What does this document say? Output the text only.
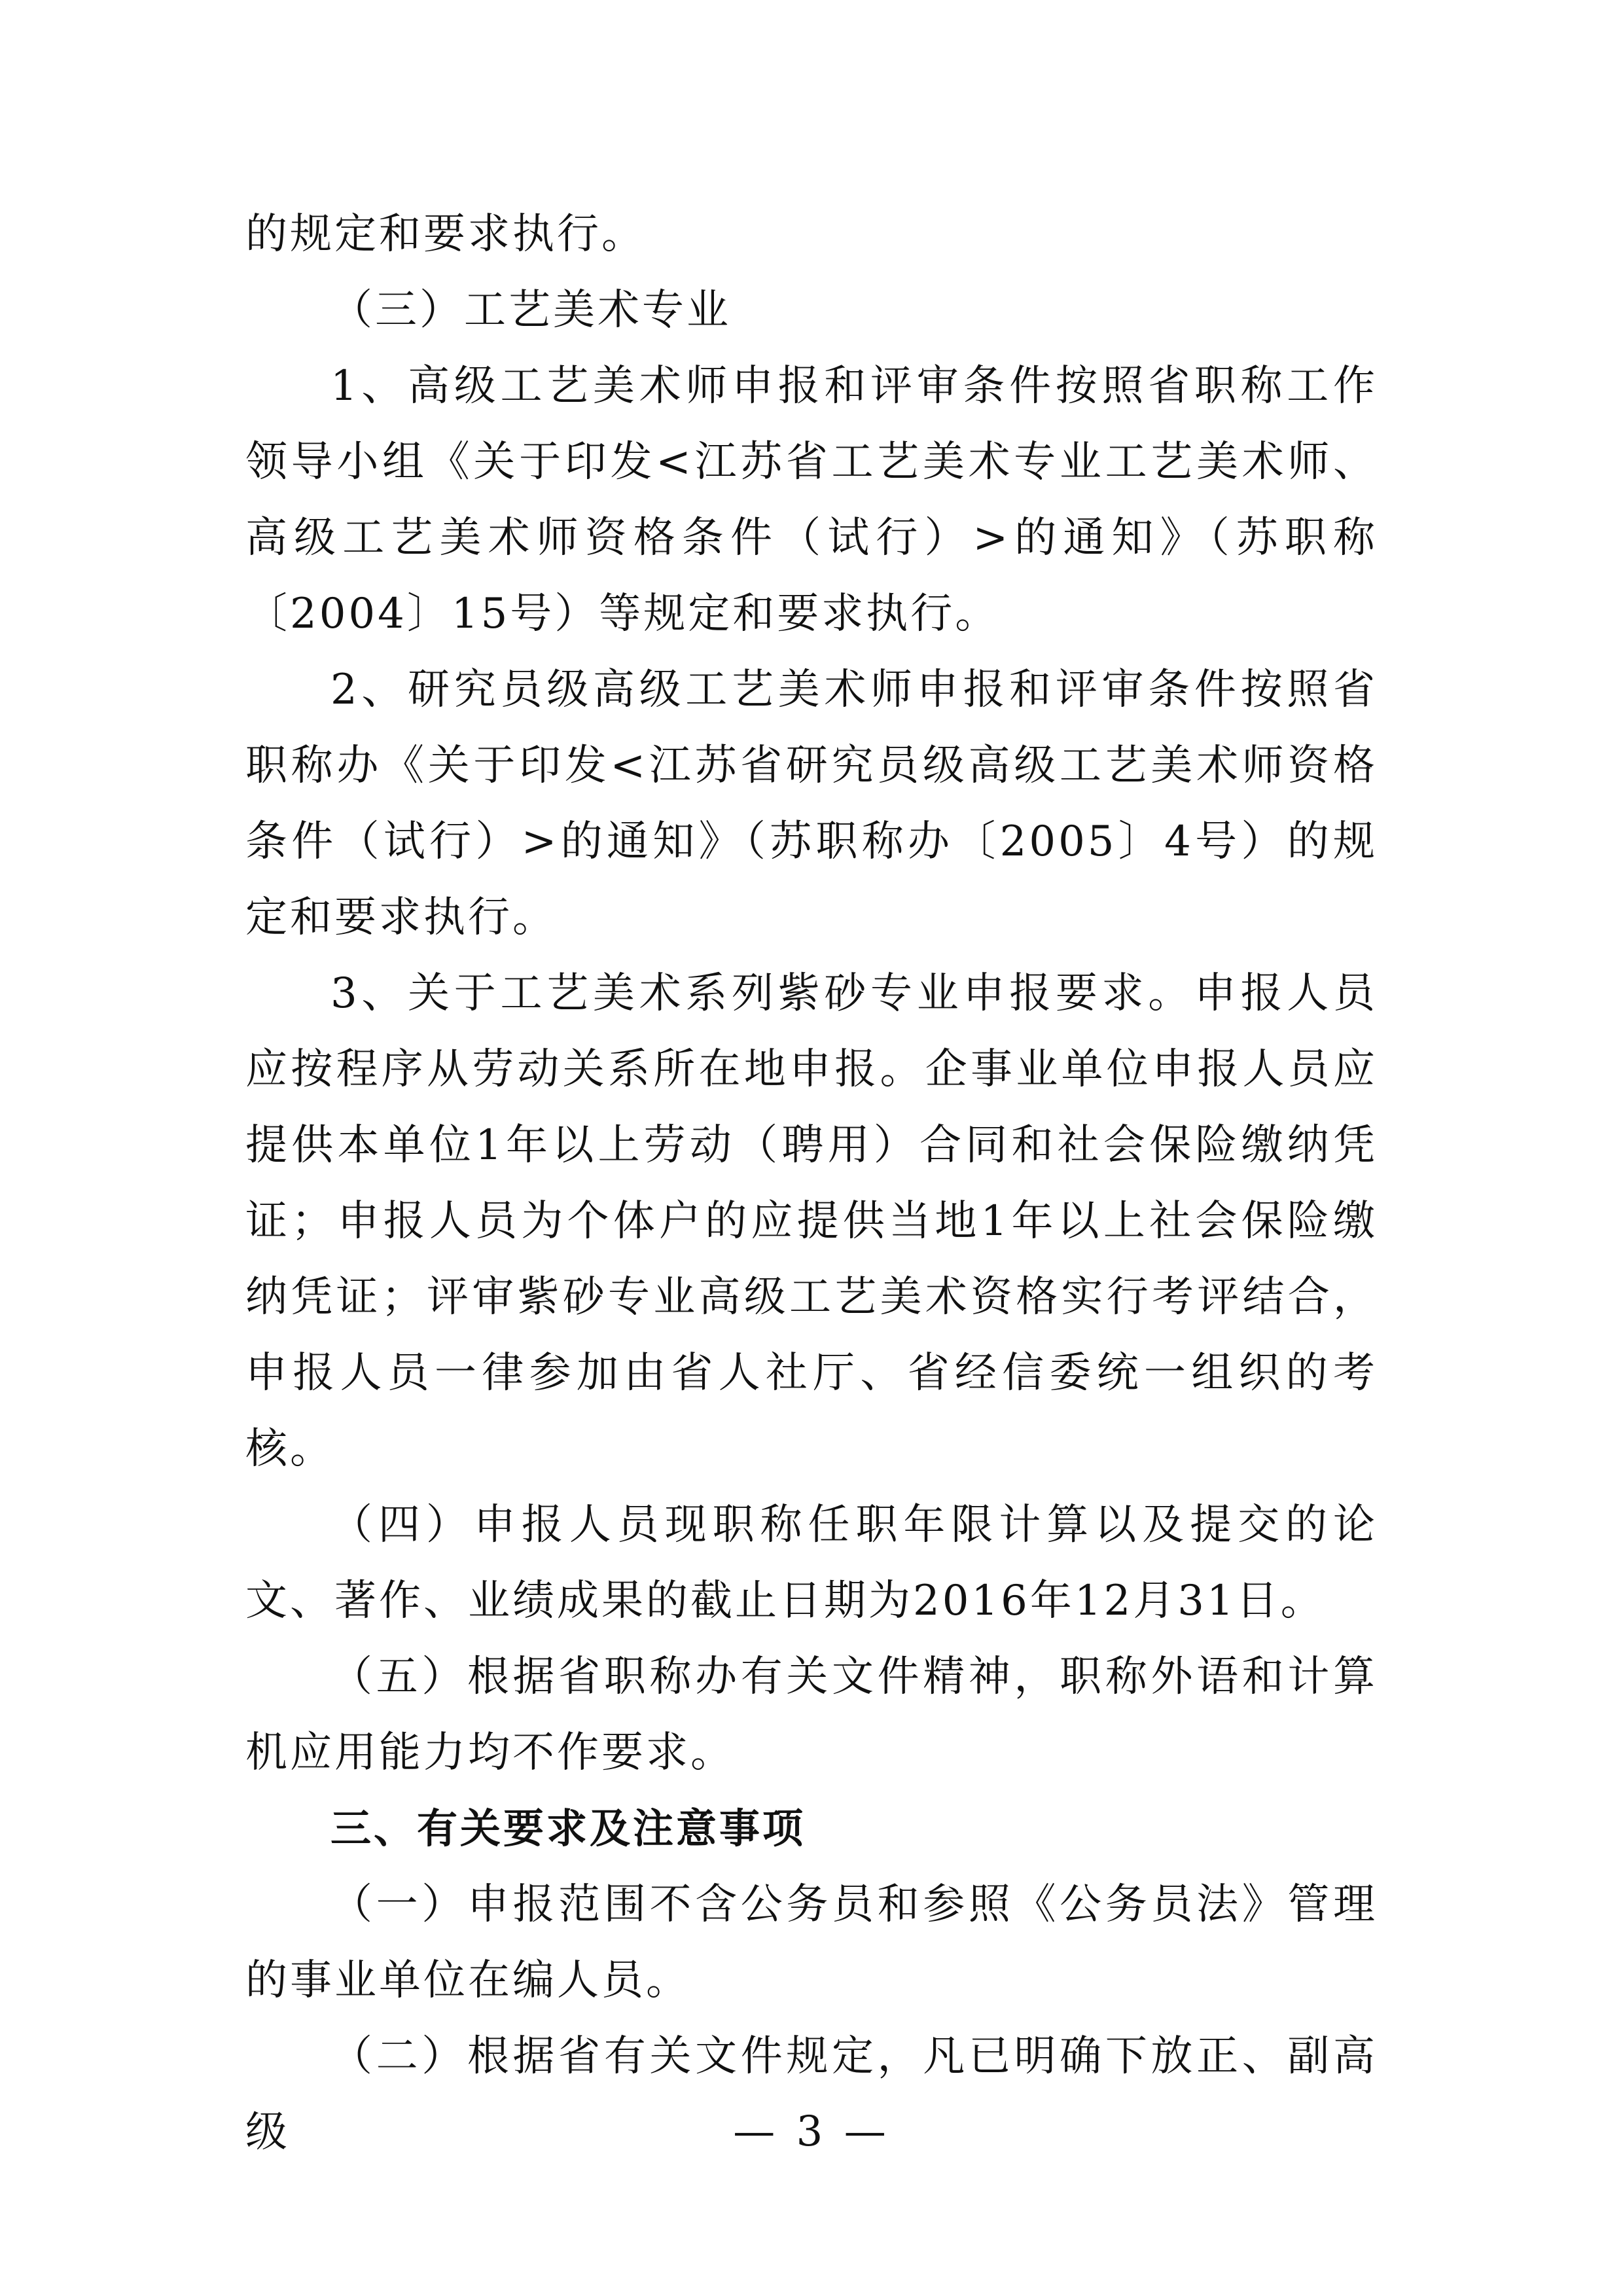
的规定和要求执行。

（三）工艺美术专业

1、高级工艺美术师申报和评审条件按照省职称工作领导小组《关于印发<江苏省工艺美术专业工艺美术师、高级工艺美术师资格条件（试行）>的通知》（苏职称〔2004〕15号）等规定和要求执行。

2、研究员级高级工艺美术师申报和评审条件按照省职称办《关于印发<江苏省研究员级高级工艺美术师资格条件（试行）>的通知》（苏职称办〔2005〕4号）的规定和要求执行。

3、关于工艺美术系列紫砂专业申报要求。申报人员应按程序从劳动关系所在地申报。企事业单位申报人员应提供本单位1年以上劳动（聘用）合同和社会保险缴纳凭证；申报人员为个体户的应提供当地1年以上社会保险缴纳凭证；评审紫砂专业高级工艺美术资格实行考评结合，申报人员一律参加由省人社厅、省经信委统一组织的考核。

（四）申报人员现职称任职年限计算以及提交的论文、著作、业绩成果的截止日期为2016年12月31日。

（五）根据省职称办有关文件精神，职称外语和计算机应用能力均不作要求。

三、有关要求及注意事项

（一）申报范围不含公务员和参照《公务员法》管理的事业单位在编人员。

（二）根据省有关文件规定，凡已明确下放正、副高级	— 3 —
